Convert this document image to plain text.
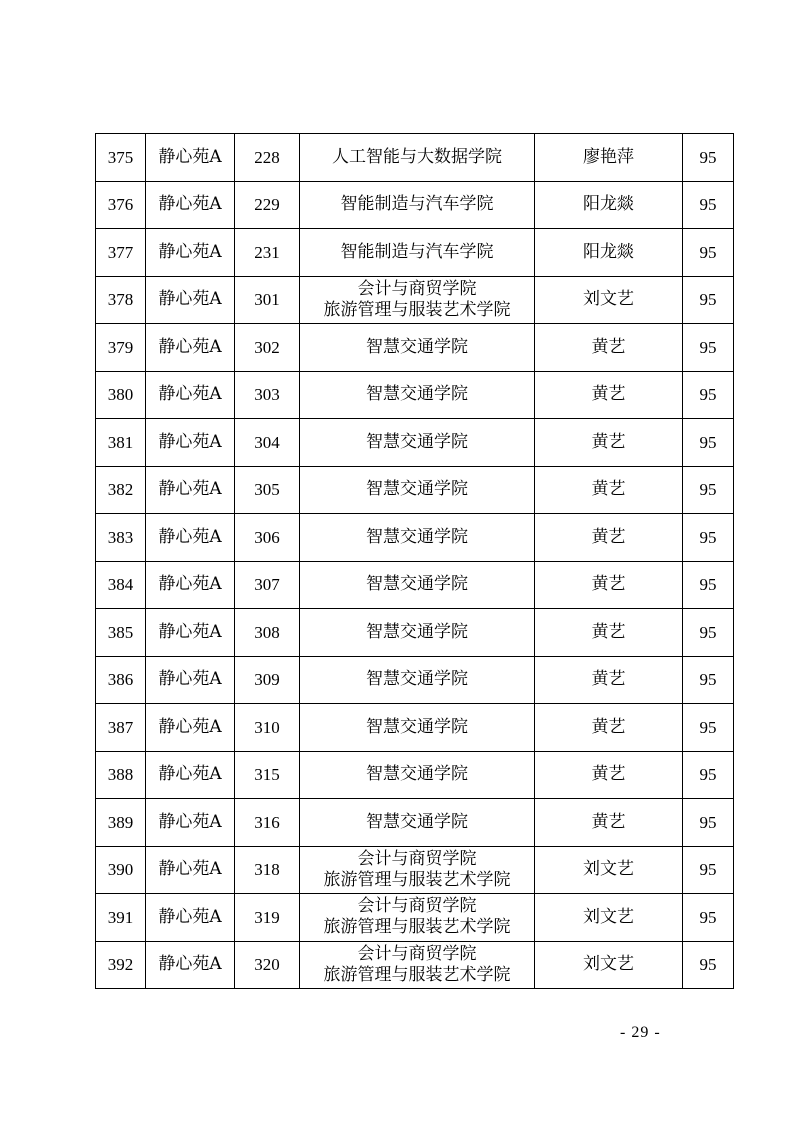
375	静心苑A	228	人工智能与大数据学院	廖艳萍	95
376	静心苑A	229	智能制造与汽车学院	阳龙燚	95
377	静心苑A	231	智能制造与汽车学院	阳龙燚	95
378	静心苑A	301	会计与商贸学院
旅游管理与服装艺术学院	刘文艺	95
379	静心苑A	302	智慧交通学院	黄艺	95
380	静心苑A	303	智慧交通学院	黄艺	95
381	静心苑A	304	智慧交通学院	黄艺	95
382	静心苑A	305	智慧交通学院	黄艺	95
383	静心苑A	306	智慧交通学院	黄艺	95
384	静心苑A	307	智慧交通学院	黄艺	95
385	静心苑A	308	智慧交通学院	黄艺	95
386	静心苑A	309	智慧交通学院	黄艺	95
387	静心苑A	310	智慧交通学院	黄艺	95
388	静心苑A	315	智慧交通学院	黄艺	95
389	静心苑A	316	智慧交通学院	黄艺	95
390	静心苑A	318	会计与商贸学院
旅游管理与服装艺术学院	刘文艺	95
391	静心苑A	319	会计与商贸学院
旅游管理与服装艺术学院	刘文艺	95
392	静心苑A	320	会计与商贸学院
旅游管理与服装艺术学院	刘文艺	95
- 29 -
